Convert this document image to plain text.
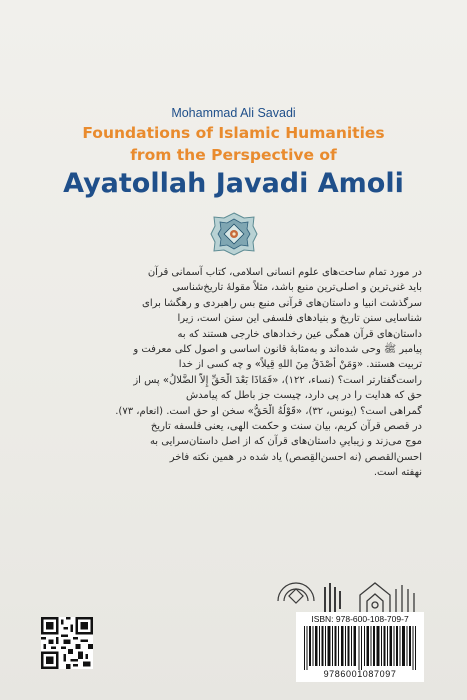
Mohammad Ali Savadi
Foundations of Islamic Humanities
from the Perspective of
Ayatollah Javadi Amoli
در مورد تمام ساحت‌های علوم انسانی اسلامی، کتاب آسمانی قرآن
باید غنی‌ترین و اصلی‌ترین منبع باشد، مثلاً مقولهٔ تاریخ‌شناسی
سرگذشت انبیا و داستان‌های قرآنی منبع بس راهبردی و رهگشا برای
شناسایی سنن تاریخ و بنیادهای فلسفی این سنن است، زیرا
داستان‌های قرآن همگی عین رخدادهای خارجی هستند که به
پیامبر ﷺ وحی شده‌اند و به‌مثابهٔ قانون اساسی و اصول کلی معرفت و
تربیت هستند. «وَمَنْ أَصْدَقُ مِنَ اللهِ قِيلاً» و چه کسی از خدا
راست‌گفتارتر است؟ (نساء، ۱۲۲)، «فَمَاذَا بَعْدَ الْحَقِّ إِلاَّ الضَّلالُ» پس از
حق که هدایت را در پی دارد، چیست جز باطل که پیامدش
گمراهی است؟ (یونس، ۳۲)، «قَوْلُهُ الْحَقُّ» سخن او حق است. (انعام، ۷۳).
در قصص قرآن کریم، بیان سنت و حکمت الهی، یعنی فلسفه تاریخ
موج می‌زند و زیباییِ داستان‌های قرآن که از اصل داستان‌سرایی به
احسن‌القصص (نه احسن‌القِصص) یاد شده در همین نکته فاخر
نهفته است.
ISBN: 978-600-108-709-7
9786001087097
